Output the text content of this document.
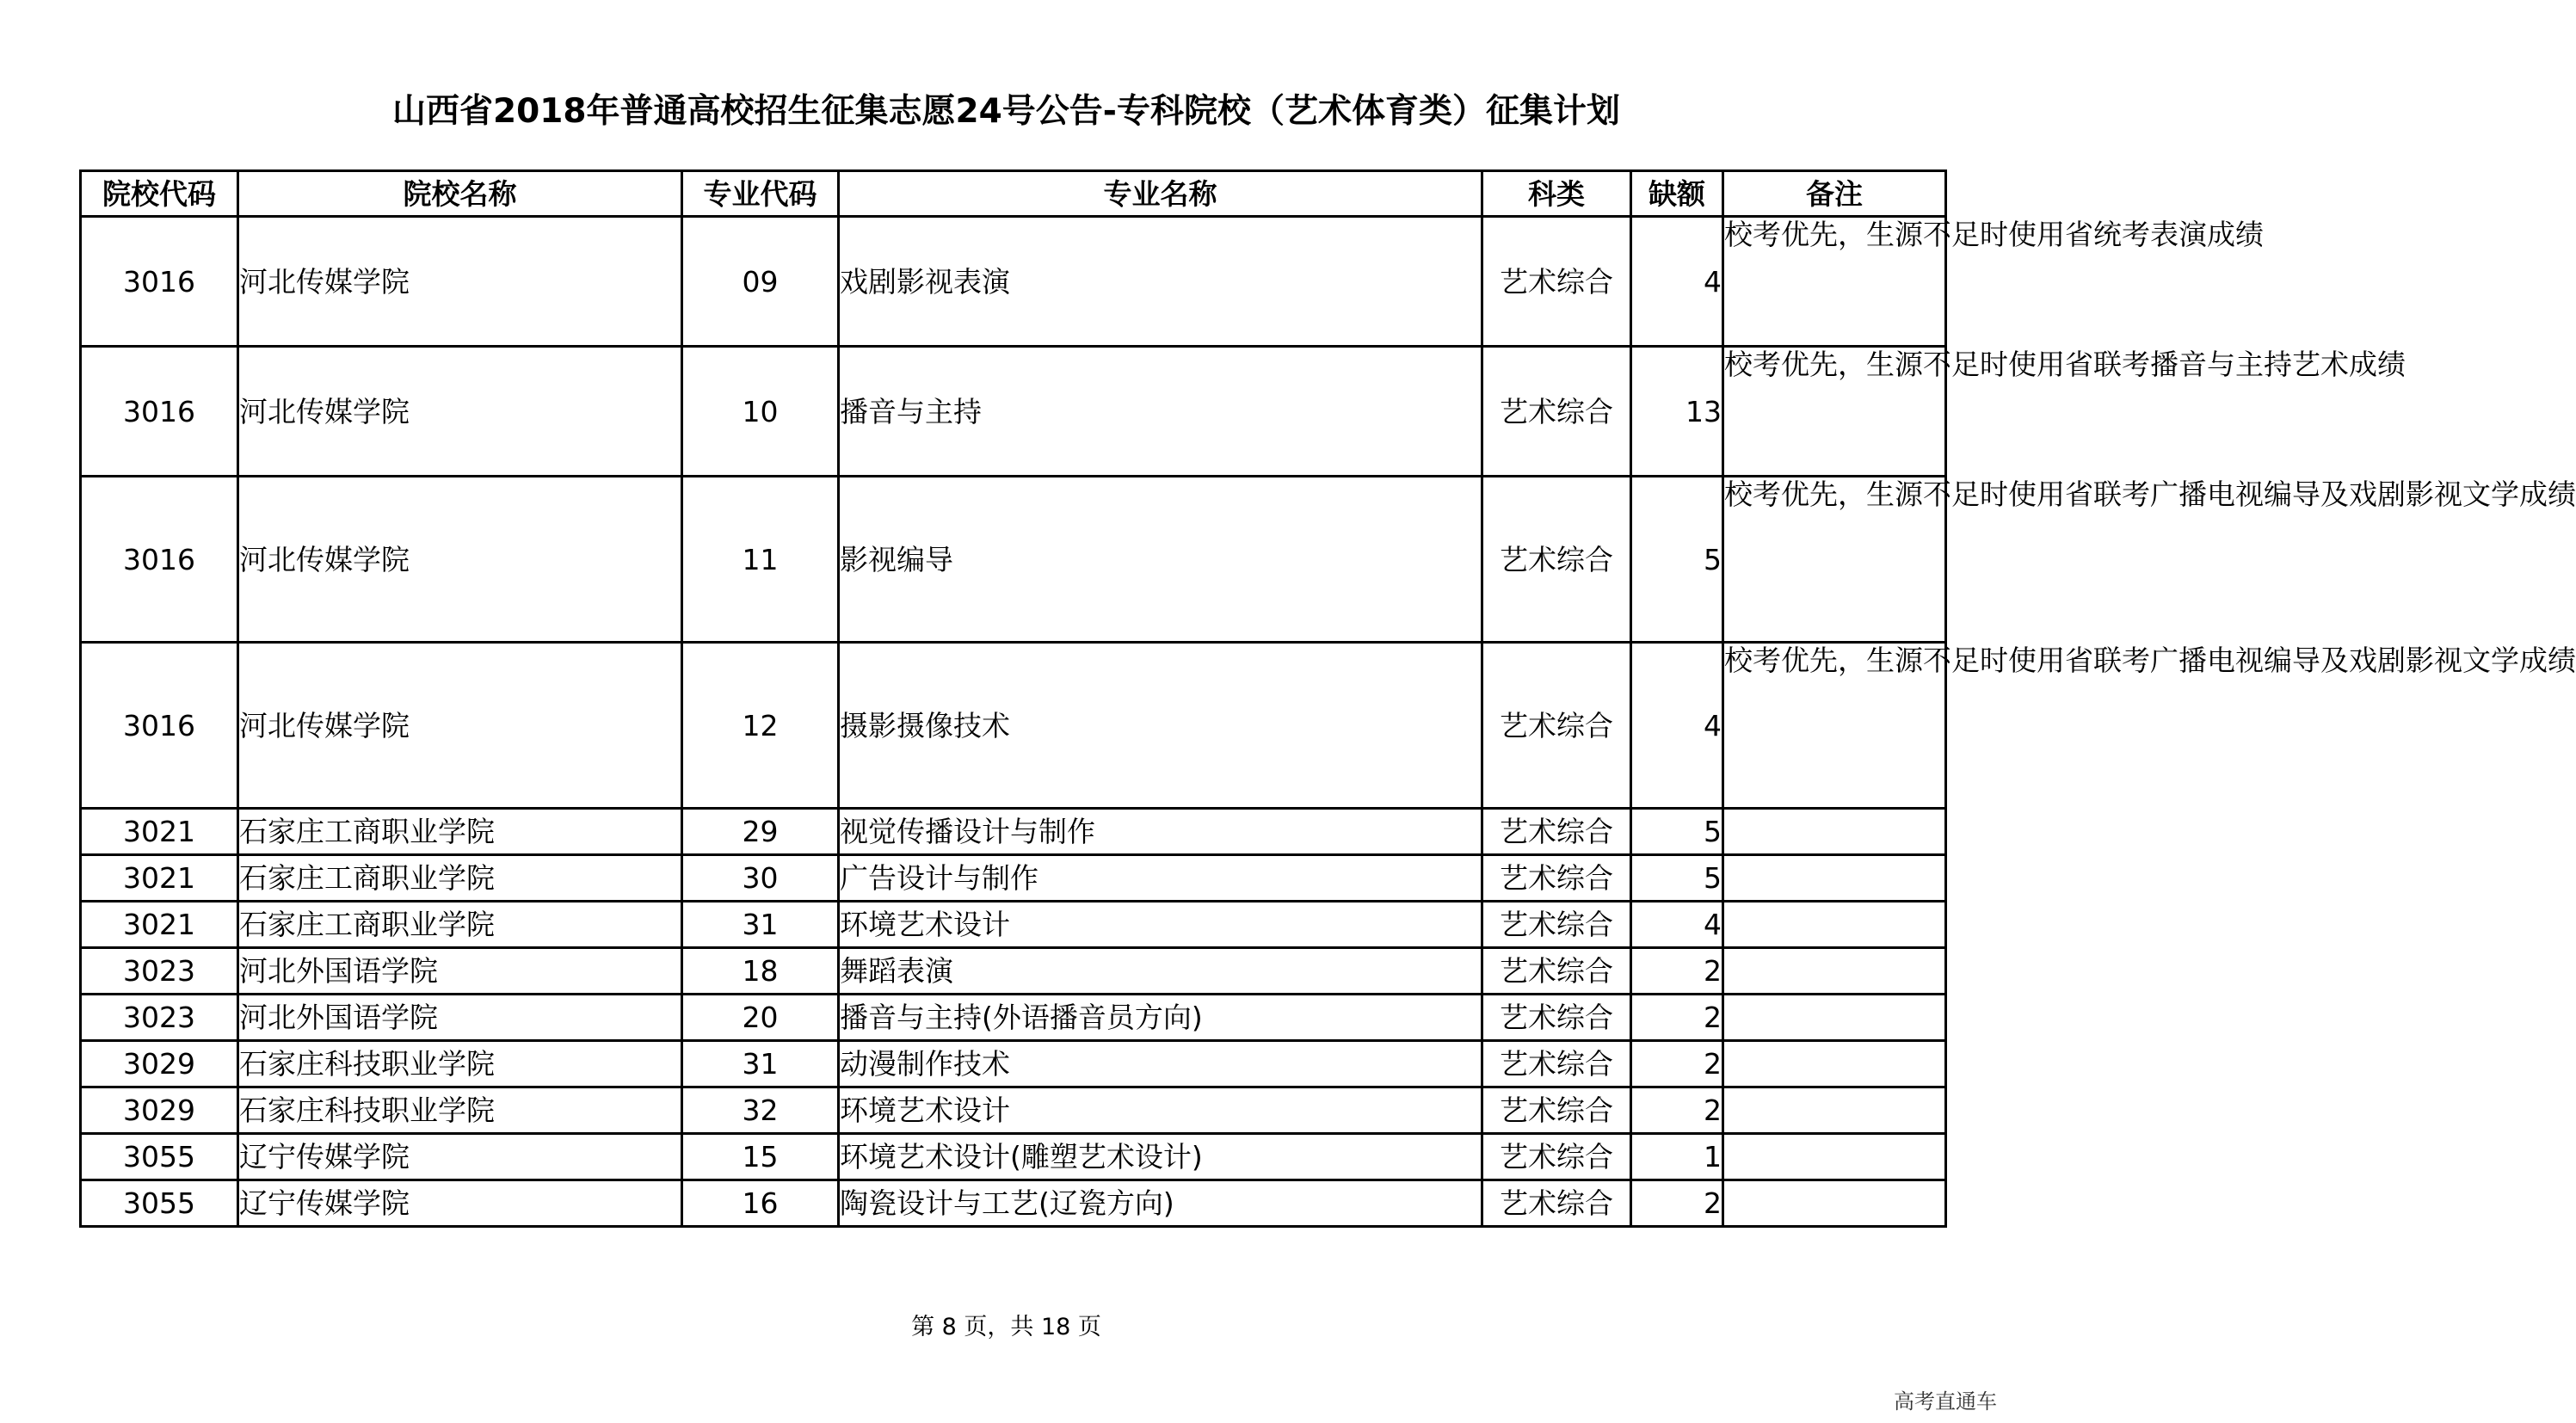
山西省2018年普通高校招生征集志愿24号公告-专科院校（艺术体育类）征集计划
院校代码	院校名称	专业代码	专业名称	科类	缺额	备注
3016	河北传媒学院	09	戏剧影视表演	艺术综合	4	校考优先，生源不足时使用省统考表演成绩

3016	河北传媒学院	10	播音与主持	艺术综合	13	校考优先，生源不足时使用省联考播音与主持艺术成绩

3016	河北传媒学院	11	影视编导	艺术综合	5	校考优先，生源不足时使用省联考广播电视编导及戏剧影视文学成绩

3016	河北传媒学院	12	摄影摄像技术	艺术综合	4	校考优先，生源不足时使用省联考广播电视编导及戏剧影视文学成绩

3021	石家庄工商职业学院	29	视觉传播设计与制作	艺术综合	5	
3021	石家庄工商职业学院	30	广告设计与制作	艺术综合	5	
3021	石家庄工商职业学院	31	环境艺术设计	艺术综合	4	
3023	河北外国语学院	18	舞蹈表演	艺术综合	2	
3023	河北外国语学院	20	播音与主持(外语播音员方向)	艺术综合	2	
3029	石家庄科技职业学院	31	动漫制作技术	艺术综合	2	
3029	石家庄科技职业学院	32	环境艺术设计	艺术综合	2	
3055	辽宁传媒学院	15	环境艺术设计(雕塑艺术设计)	艺术综合	1	
3055	辽宁传媒学院	16	陶瓷设计与工艺(辽瓷方向)	艺术综合	2	
第 8 页，共 18 页
高考直通车
